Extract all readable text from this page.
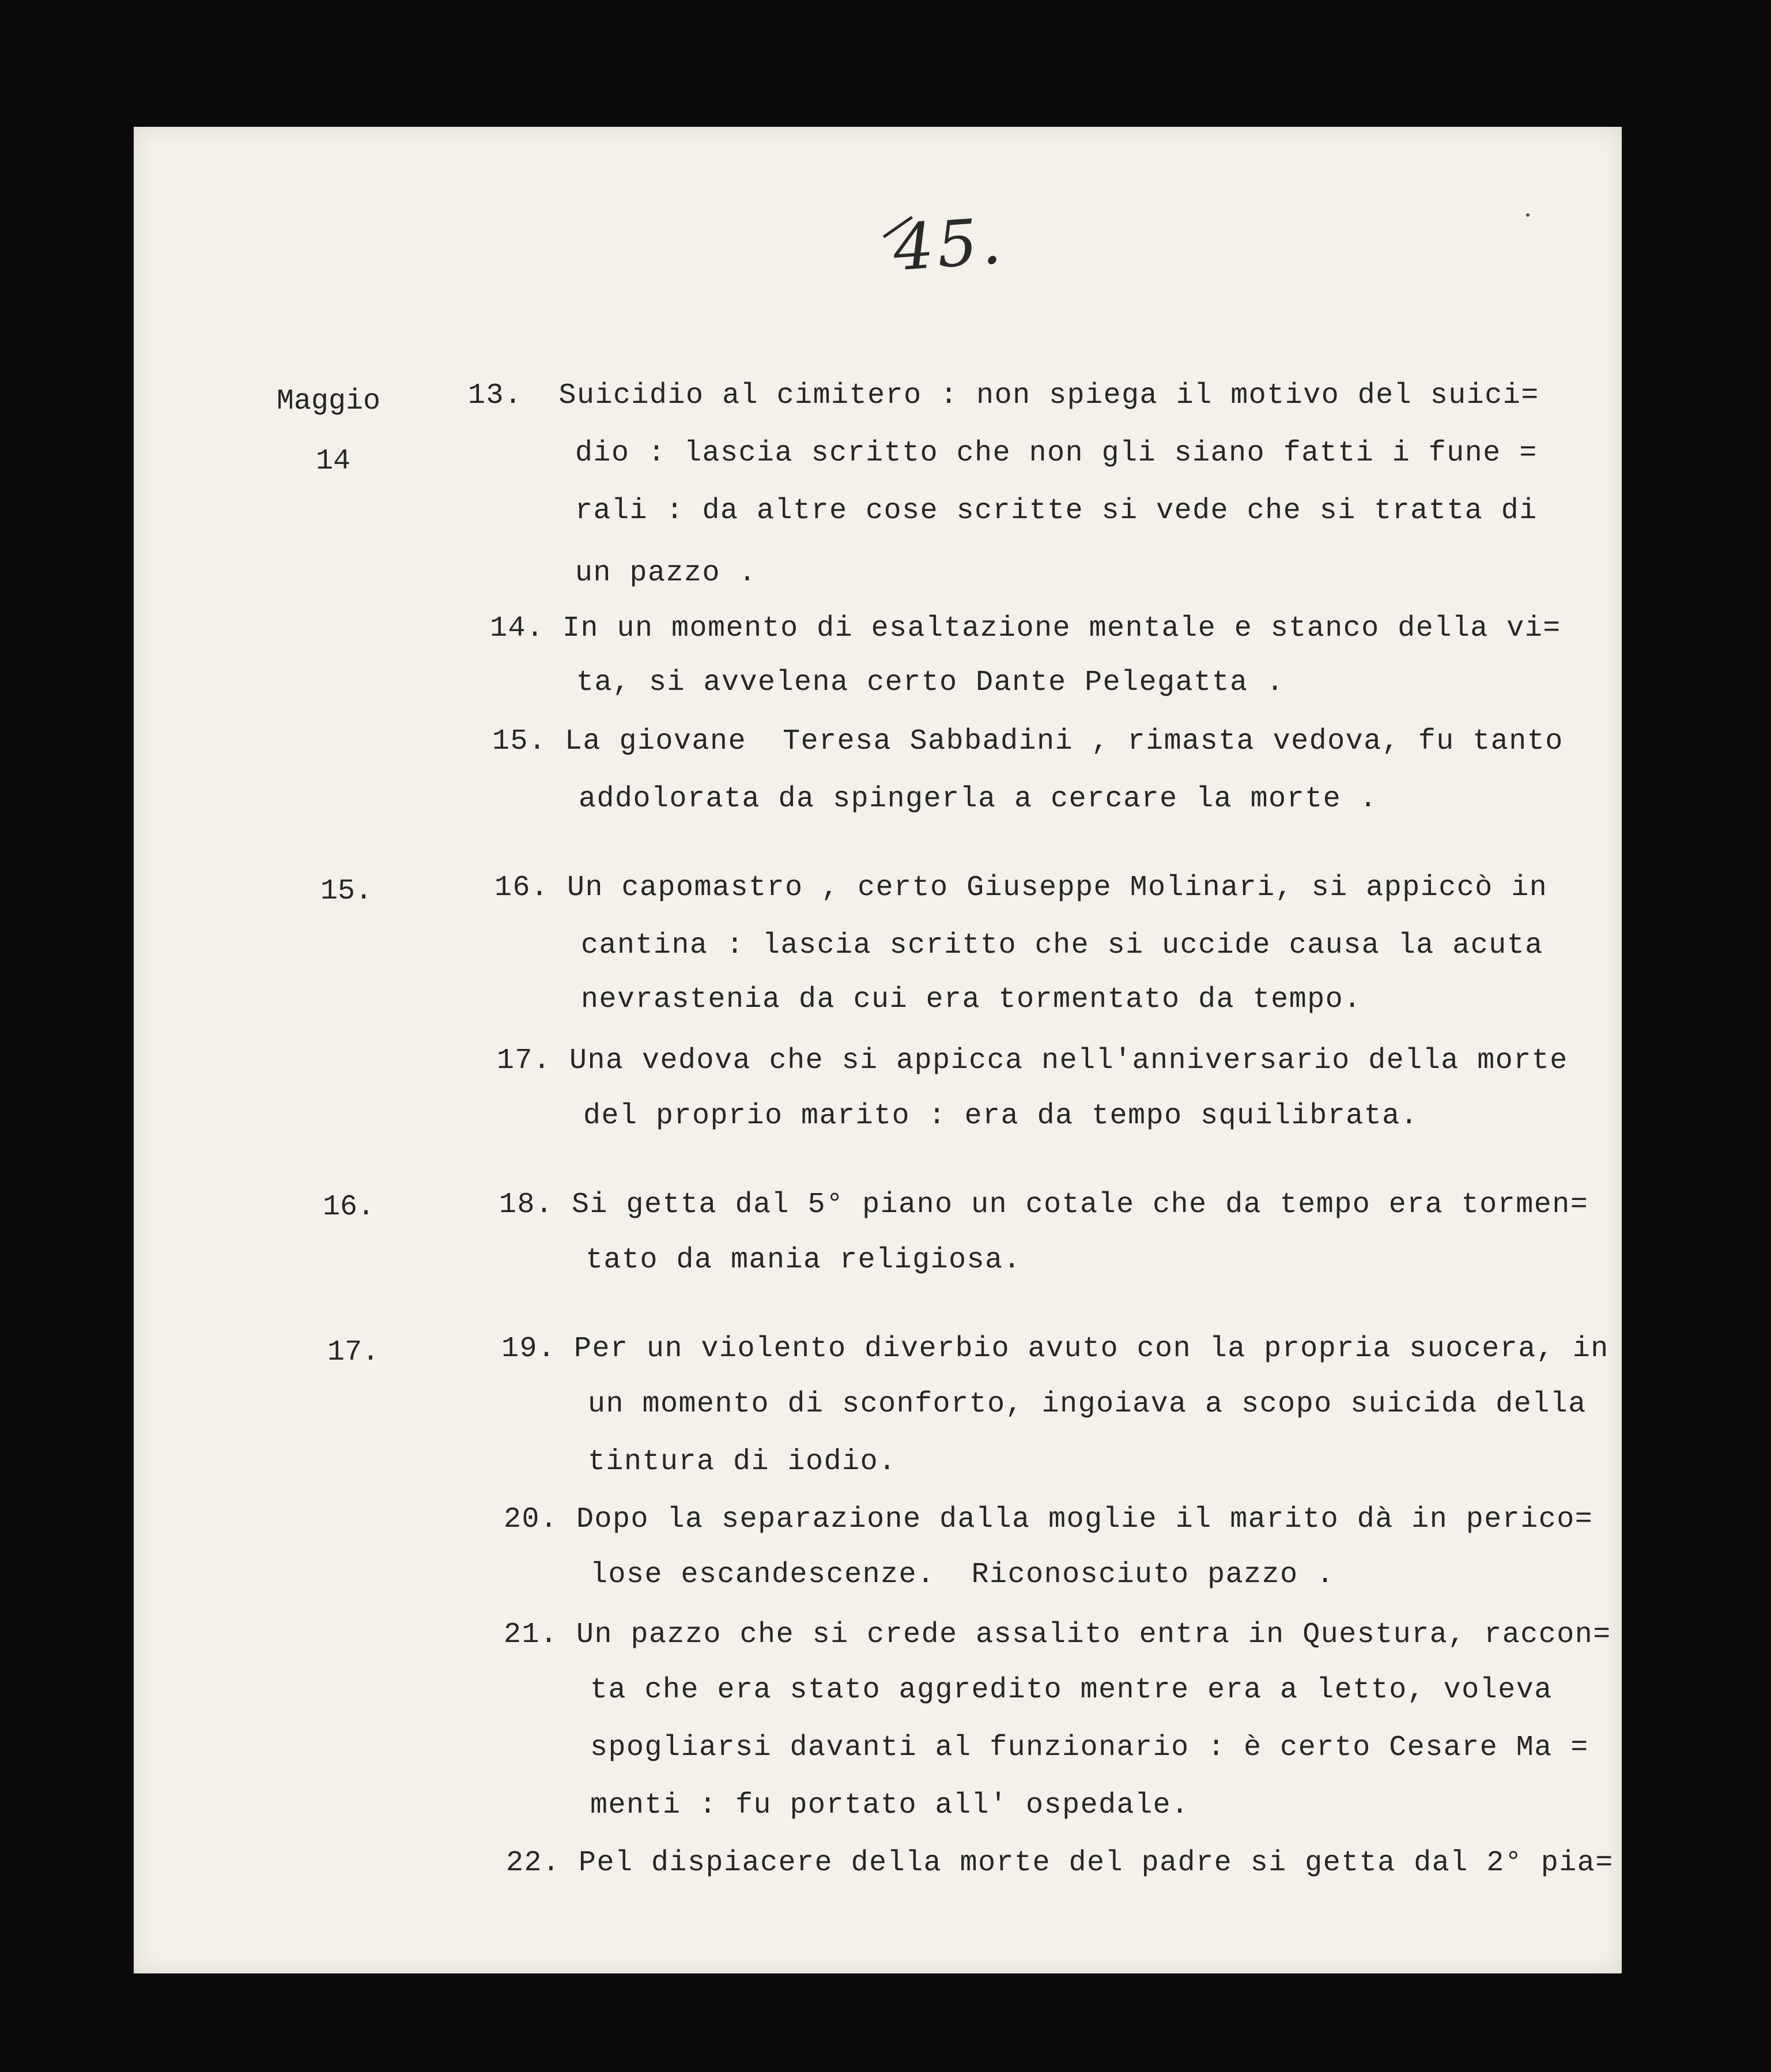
45.
Maggio
14
15.
16.
17.
13.  Suicidio al cimitero : non spiega il motivo del suici=
dio : lascia scritto che non gli siano fatti i fune =
rali : da altre cose scritte si vede che si tratta di
un pazzo .
14. In un momento di esaltazione mentale e stanco della vi=
ta, si avvelena certo Dante Pelegatta .
15. La giovane  Teresa Sabbadini , rimasta vedova, fu tanto
addolorata da spingerla a cercare la morte .
16. Un capomastro , certo Giuseppe Molinari, si appiccò in
cantina : lascia scritto che si uccide causa la acuta
nevrastenia da cui era tormentato da tempo.
17. Una vedova che si appicca nell'anniversario della morte
del proprio marito : era da tempo squilibrata.
18. Si getta dal 5° piano un cotale che da tempo era tormen=
tato da mania religiosa.
19. Per un violento diverbio avuto con la propria suocera, in
un momento di sconforto, ingoiava a scopo suicida della
tintura di iodio.
20. Dopo la separazione dalla moglie il marito dà in perico=
lose escandescenze.  Riconosciuto pazzo .
21. Un pazzo che si crede assalito entra in Questura, raccon=
ta che era stato aggredito mentre era a letto, voleva
spogliarsi davanti al funzionario : è certo Cesare Ma =
menti : fu portato all' ospedale.
22. Pel dispiacere della morte del padre si getta dal 2° pia=
